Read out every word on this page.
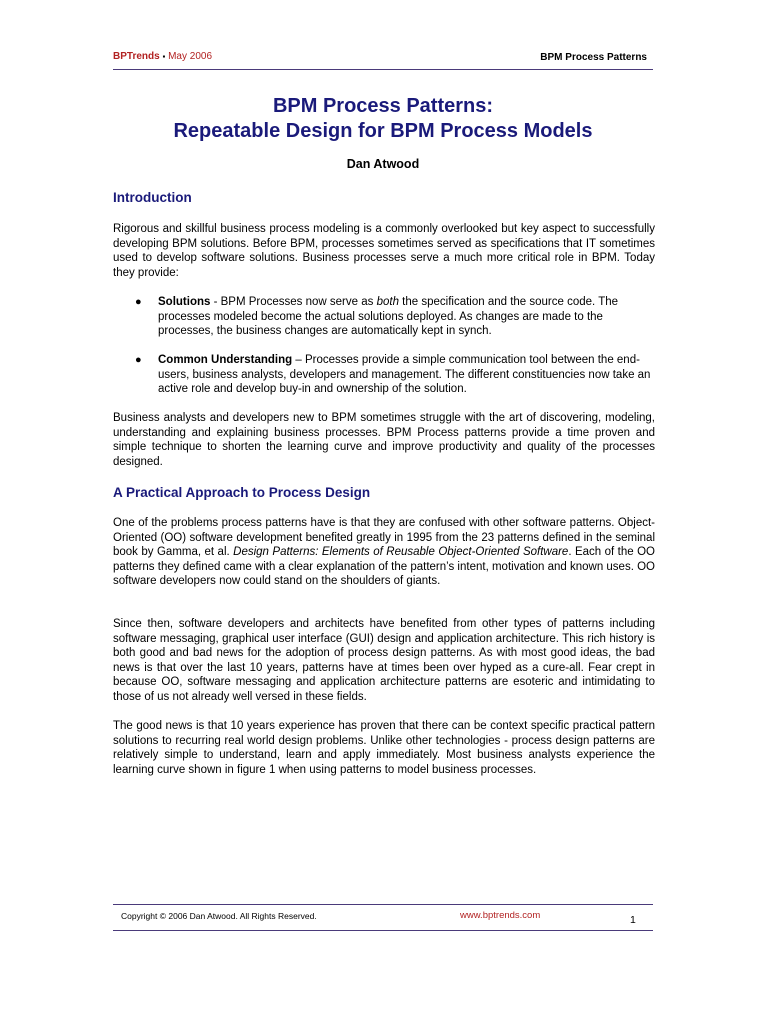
BPTrends ▪ May 2006	BPM Process Patterns
BPM Process Patterns:
Repeatable Design for BPM Process Models
Dan Atwood
Introduction

Rigorous and skillful business process modeling is a commonly overlooked but key aspect to successfully developing BPM solutions. Before BPM, processes sometimes served as specifications that IT sometimes used to develop software solutions. Business processes serve a much more critical role in BPM. Today they provide:

● Solutions - BPM Processes now serve as both the specification and the source code. The processes modeled become the actual solutions deployed. As changes are made to the processes, the business changes are automatically kept in synch.
● Common Understanding – Processes provide a simple communication tool between the end-users, business analysts, developers and management. The different constituencies now take an active role and develop buy-in and ownership of the solution.

Business analysts and developers new to BPM sometimes struggle with the art of discovering, modeling, understanding and explaining business processes. BPM Process patterns provide a time proven and simple technique to shorten the learning curve and improve productivity and quality of the processes designed.

A Practical Approach to Process Design

One of the problems process patterns have is that they are confused with other software patterns. Object-Oriented (OO) software development benefited greatly in 1995 from the 23 patterns defined in the seminal book by Gamma, et al. Design Patterns: Elements of Reusable Object-Oriented Software. Each of the OO patterns they defined came with a clear explanation of the pattern’s intent, motivation and known uses. OO software developers now could stand on the shoulders of giants.

Since then, software developers and architects have benefited from other types of patterns including software messaging, graphical user interface (GUI) design and application architecture. This rich history is both good and bad news for the adoption of process design patterns. As with most good ideas, the bad news is that over the last 10 years, patterns have at times been over hyped as a cure-all. Fear crept in because OO, software messaging and application architecture patterns are esoteric and intimidating to those of us not already well versed in these fields.

The good news is that 10 years experience has proven that there can be context specific practical pattern solutions to recurring real world design problems. Unlike other technologies - process design patterns are relatively simple to understand, learn and apply immediately. Most business analysts experience the learning curve shown in figure 1 when using patterns to model business processes.

Copyright © 2006 Dan Atwood. All Rights Reserved.	www.bptrends.com	1
